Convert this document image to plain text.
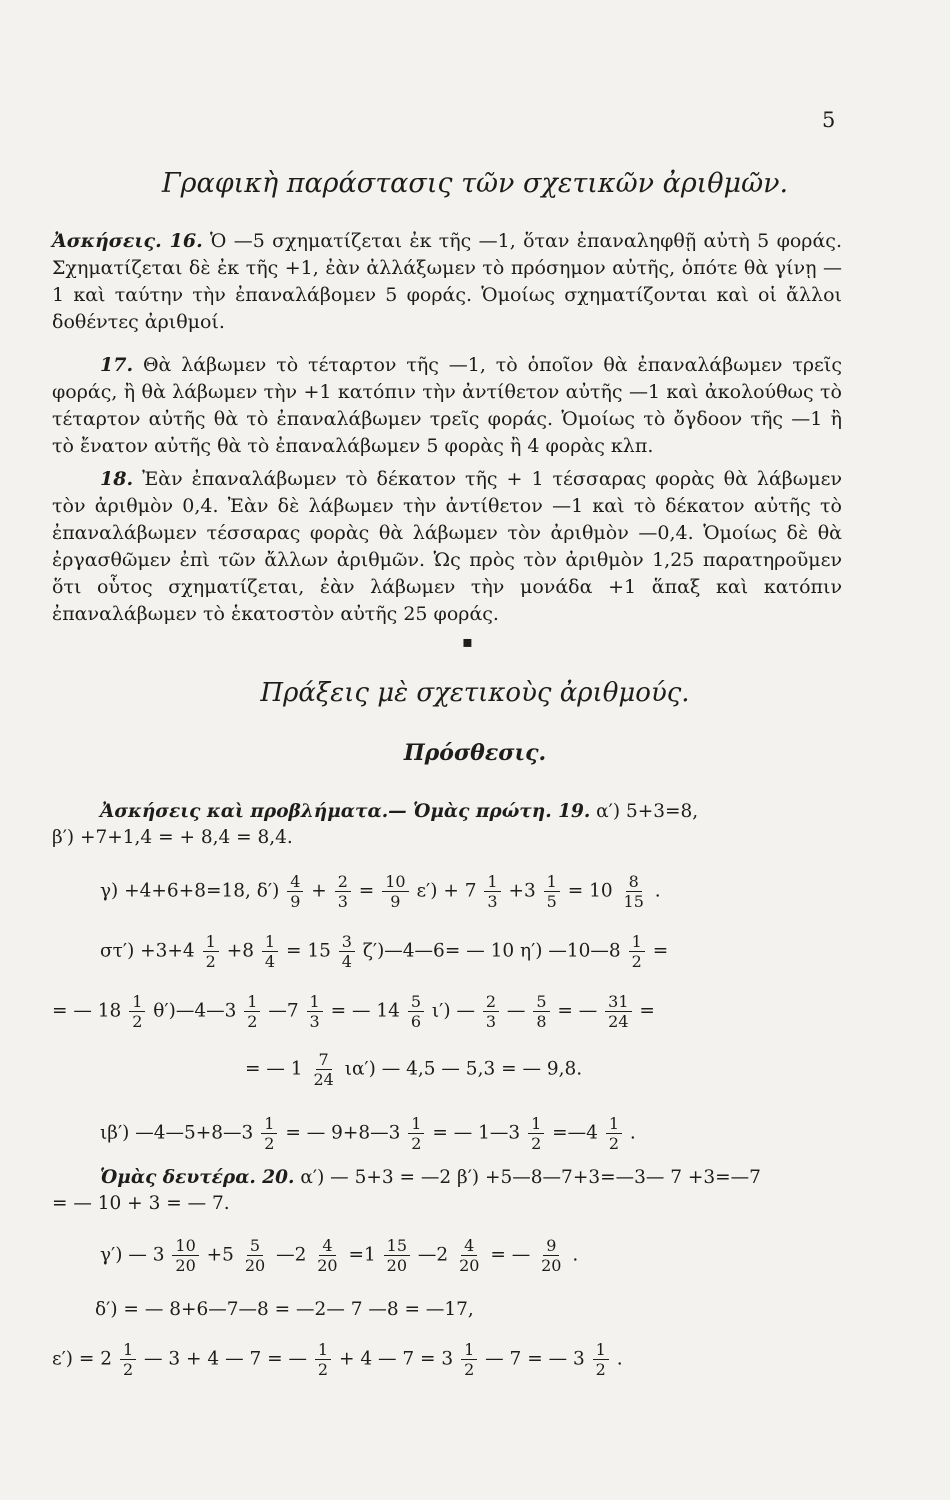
5
Γραφικὴ παράστασις τῶν σχετικῶν ἀριθμῶν.

Ἀσκήσεις. 16. Ὁ —5 σχηματίζεται ἐκ τῆς —1, ὅταν ἐπαναληφθῇ αὐτὴ 5 φοράς. Σχηματίζεται δὲ ἐκ τῆς +1, ἐὰν ἀλλάξωμεν τὸ πρόσημον αὐτῆς, ὁπότε θὰ γίνῃ —1 καὶ ταύτην τὴν ἐπαναλάβομεν 5 φοράς. Ὁμοίως σχηματίζονται καὶ οἱ ἄλλοι δοθέντες ἀριθμοί.

17. Θὰ λάβωμεν τὸ τέταρτον τῆς —1, τὸ ὁποῖον θὰ ἐπαναλάβωμεν τρεῖς φοράς, ἢ θὰ λάβωμεν τὴν +1 κατόπιν τὴν ἀντίθετον αὐτῆς —1 καὶ ἀκολούθως τὸ τέταρτον αὐτῆς θὰ τὸ ἐπαναλάβωμεν τρεῖς φοράς. Ὁμοίως τὸ ὄγδοον τῆς —1 ἢ τὸ ἔνατον αὐτῆς θὰ τὸ ἐπαναλάβωμεν 5 φορὰς ἢ 4 φορὰς κλπ.

18. Ἐὰν ἐπαναλάβωμεν τὸ δέκατον τῆς + 1 τέσσαρας φορὰς θὰ λάβωμεν τὸν ἀριθμὸν 0,4. Ἐὰν δὲ λάβωμεν τὴν ἀντίθετον —1 καὶ τὸ δέκατον αὐτῆς τὸ ἐπαναλάβωμεν τέσσαρας φορὰς θὰ λάβωμεν τὸν ἀριθμὸν —0,4. Ὁμοίως δὲ θὰ ἐργασθῶμεν ἐπὶ τῶν ἄλλων ἀριθμῶν. Ὡς πρὸς τὸν ἀριθμὸν 1,25 παρατηροῦμεν ὅτι οὗτος σχηματίζεται, ἐὰν λάβωμεν τὴν μονάδα +1 ἅπαξ καὶ κατόπιν ἐπαναλάβωμεν τὸ ἑκατοστὸν αὐτῆς 25 φοράς.

▪
Πράξεις μὲ σχετικοὺς ἀριθμούς.
Πρόσθεσις.
Ἀσκήσεις καὶ προβλήματα.— Ὁμὰς πρώτη. 19. α′) 5+3=8,
β′) +7+1,4 = + 8,4 = 8,4.
γ) +4+6+8=18, $\delta') \frac{4}{9} + \frac{2}{3} = \frac{10}{9} \varepsilon') + 7 \frac{1}{3} +3 \frac{1}{5} = 10 \frac{8}{15}$ .
$\sigma\tau') +3+4 \frac{1}{2} +8 \frac{1}{4} = 15 \frac{3}{4}$ ζ′)—4—6= — 10 η′) —10—8 $\frac{1}{2}$ =
= — $18 \frac{1}{2}$ θ′)—4—3 $\frac{1}{2}$ —7 $\frac{1}{3}$ = — $14 \frac{5}{6} \iota'$) — $\frac{2}{3}$ — $\frac{5}{8}$ = — $\frac{31}{24}$ =
= — $1 \frac{7}{24} \iota\alpha'$) — 4,5 — 5,3 = — 9,8.
ιβ′) —4—5+8—3 $\frac{1}{2}$ = — 9+8—3 $\frac{1}{2}$ = — 1—3 $\frac{1}{2}$ =—4 $\frac{1}{2}$ .
Ὁμὰς δευτέρα. 20. α′) — 5+3 = —2 β′) +5—8—7+3=—3— 7 +3=—7
= — 10 + 3 = — 7.
γ′) — $3 \frac{10}{20} +5 \frac{5}{20}$ —2 $\frac{4}{20} =1 \frac{15}{20}$ —2 $\frac{4}{20}$ = — $\frac{9}{20}$ .
δ′) = — 8+6—7—8 = —2— 7 —8 = —17,
$\varepsilon') = 2 \frac{1}{2}$ — 3 + 4 — 7 = — $\frac{1}{2} + 4$ — $7 = 3 \frac{1}{2}$ — 7 = — $3 \frac{1}{2}$ .
